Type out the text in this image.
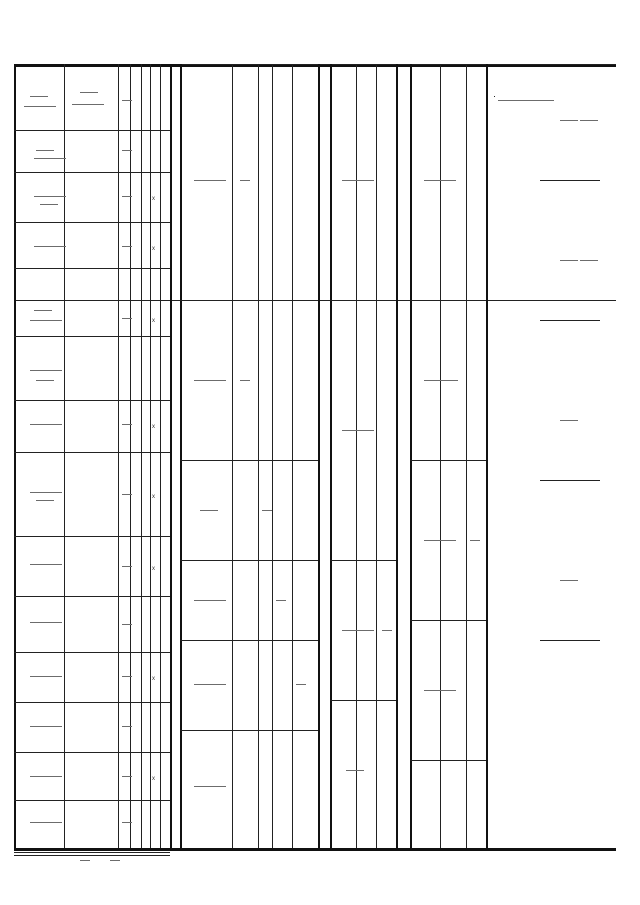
x
x
x
x
x
x
x
x
